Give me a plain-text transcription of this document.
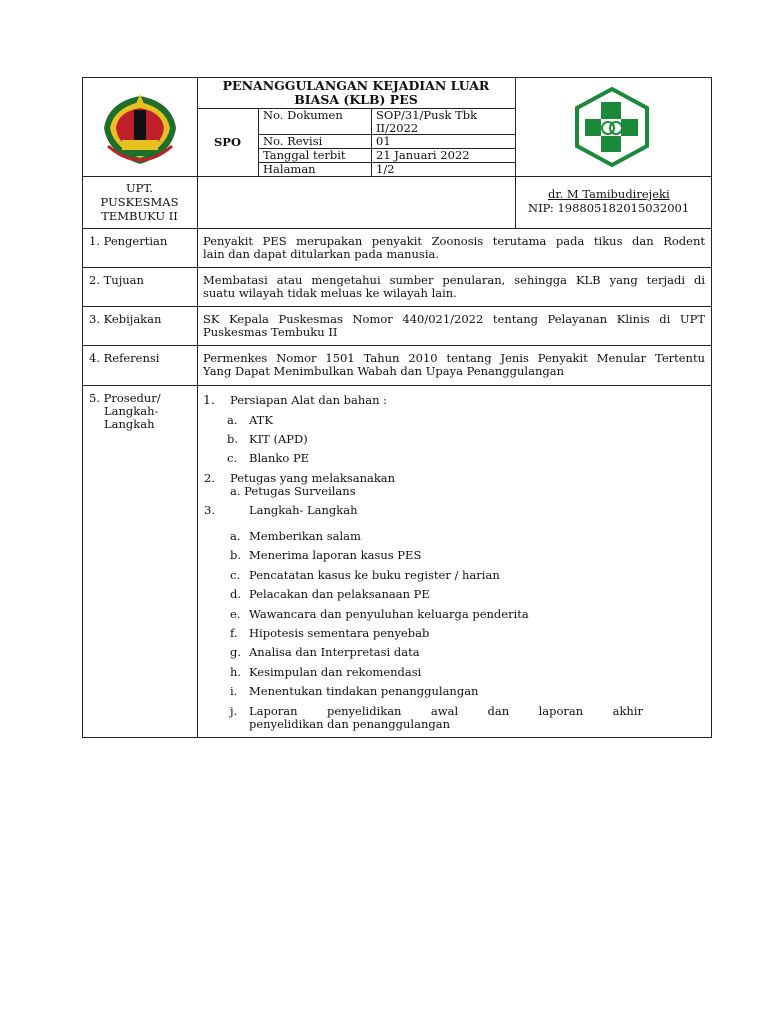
PENANGGULANGAN KEJADIAN LUAR
BIASA (KLB) PES
SPO
No. Dokumen	SOP/31/Pusk Tbk
II/2022
No. Revisi	01
Tanggal terbit	21 Januari 2022
Halaman	1/2
UPT.
PUSKESMAS
TEMBUKU II
dr. M Tamibudirejeki
NIP: 198805182015032001
1. Pengertian	Penyakit PES merupakan penyakit Zoonosis terutama pada tikus dan Rodent
lain dan dapat ditularkan pada manusia.
2. Tujuan	Membatasi atau mengetahui sumber penularan, sehingga KLB yang terjadi di
suatu wilayah tidak meluas ke wilayah lain.
3. Kebijakan	SK Kepala Puskesmas Nomor 440/021/2022 tentang Pelayanan Klinis di UPT
Puskesmas Tembuku II
4. Referensi	Permenkes Nomor 1501 Tahun 2010 tentang Jenis Penyakit Menular Tertentu
Yang Dapat Menimbulkan Wabah dan Upaya Penanggulangan
5. Prosedur/
Langkah-
Langkah
1. Persiapan Alat dan bahan :
a. ATK
b. KIT (APD)
c. Blanko PE
2. Petugas yang melaksanakan
a. Petugas Surveilans
3.	Langkah- Langkah
a. Memberikan salam
b. Menerima laporan kasus PES
c. Pencatatan kasus ke buku register / harian
d. Pelacakan dan pelaksanaan PE
e. Wawancara dan penyuluhan keluarga penderita
f. Hipotesis sementara penyebab
g. Analisa dan Interpretasi data
h. Kesimpulan dan rekomendasi
i. Menentukan tindakan penanggulangan
j. Laporan penyelidikan awal dan laporan akhir
penyelidikan dan penanggulangan
